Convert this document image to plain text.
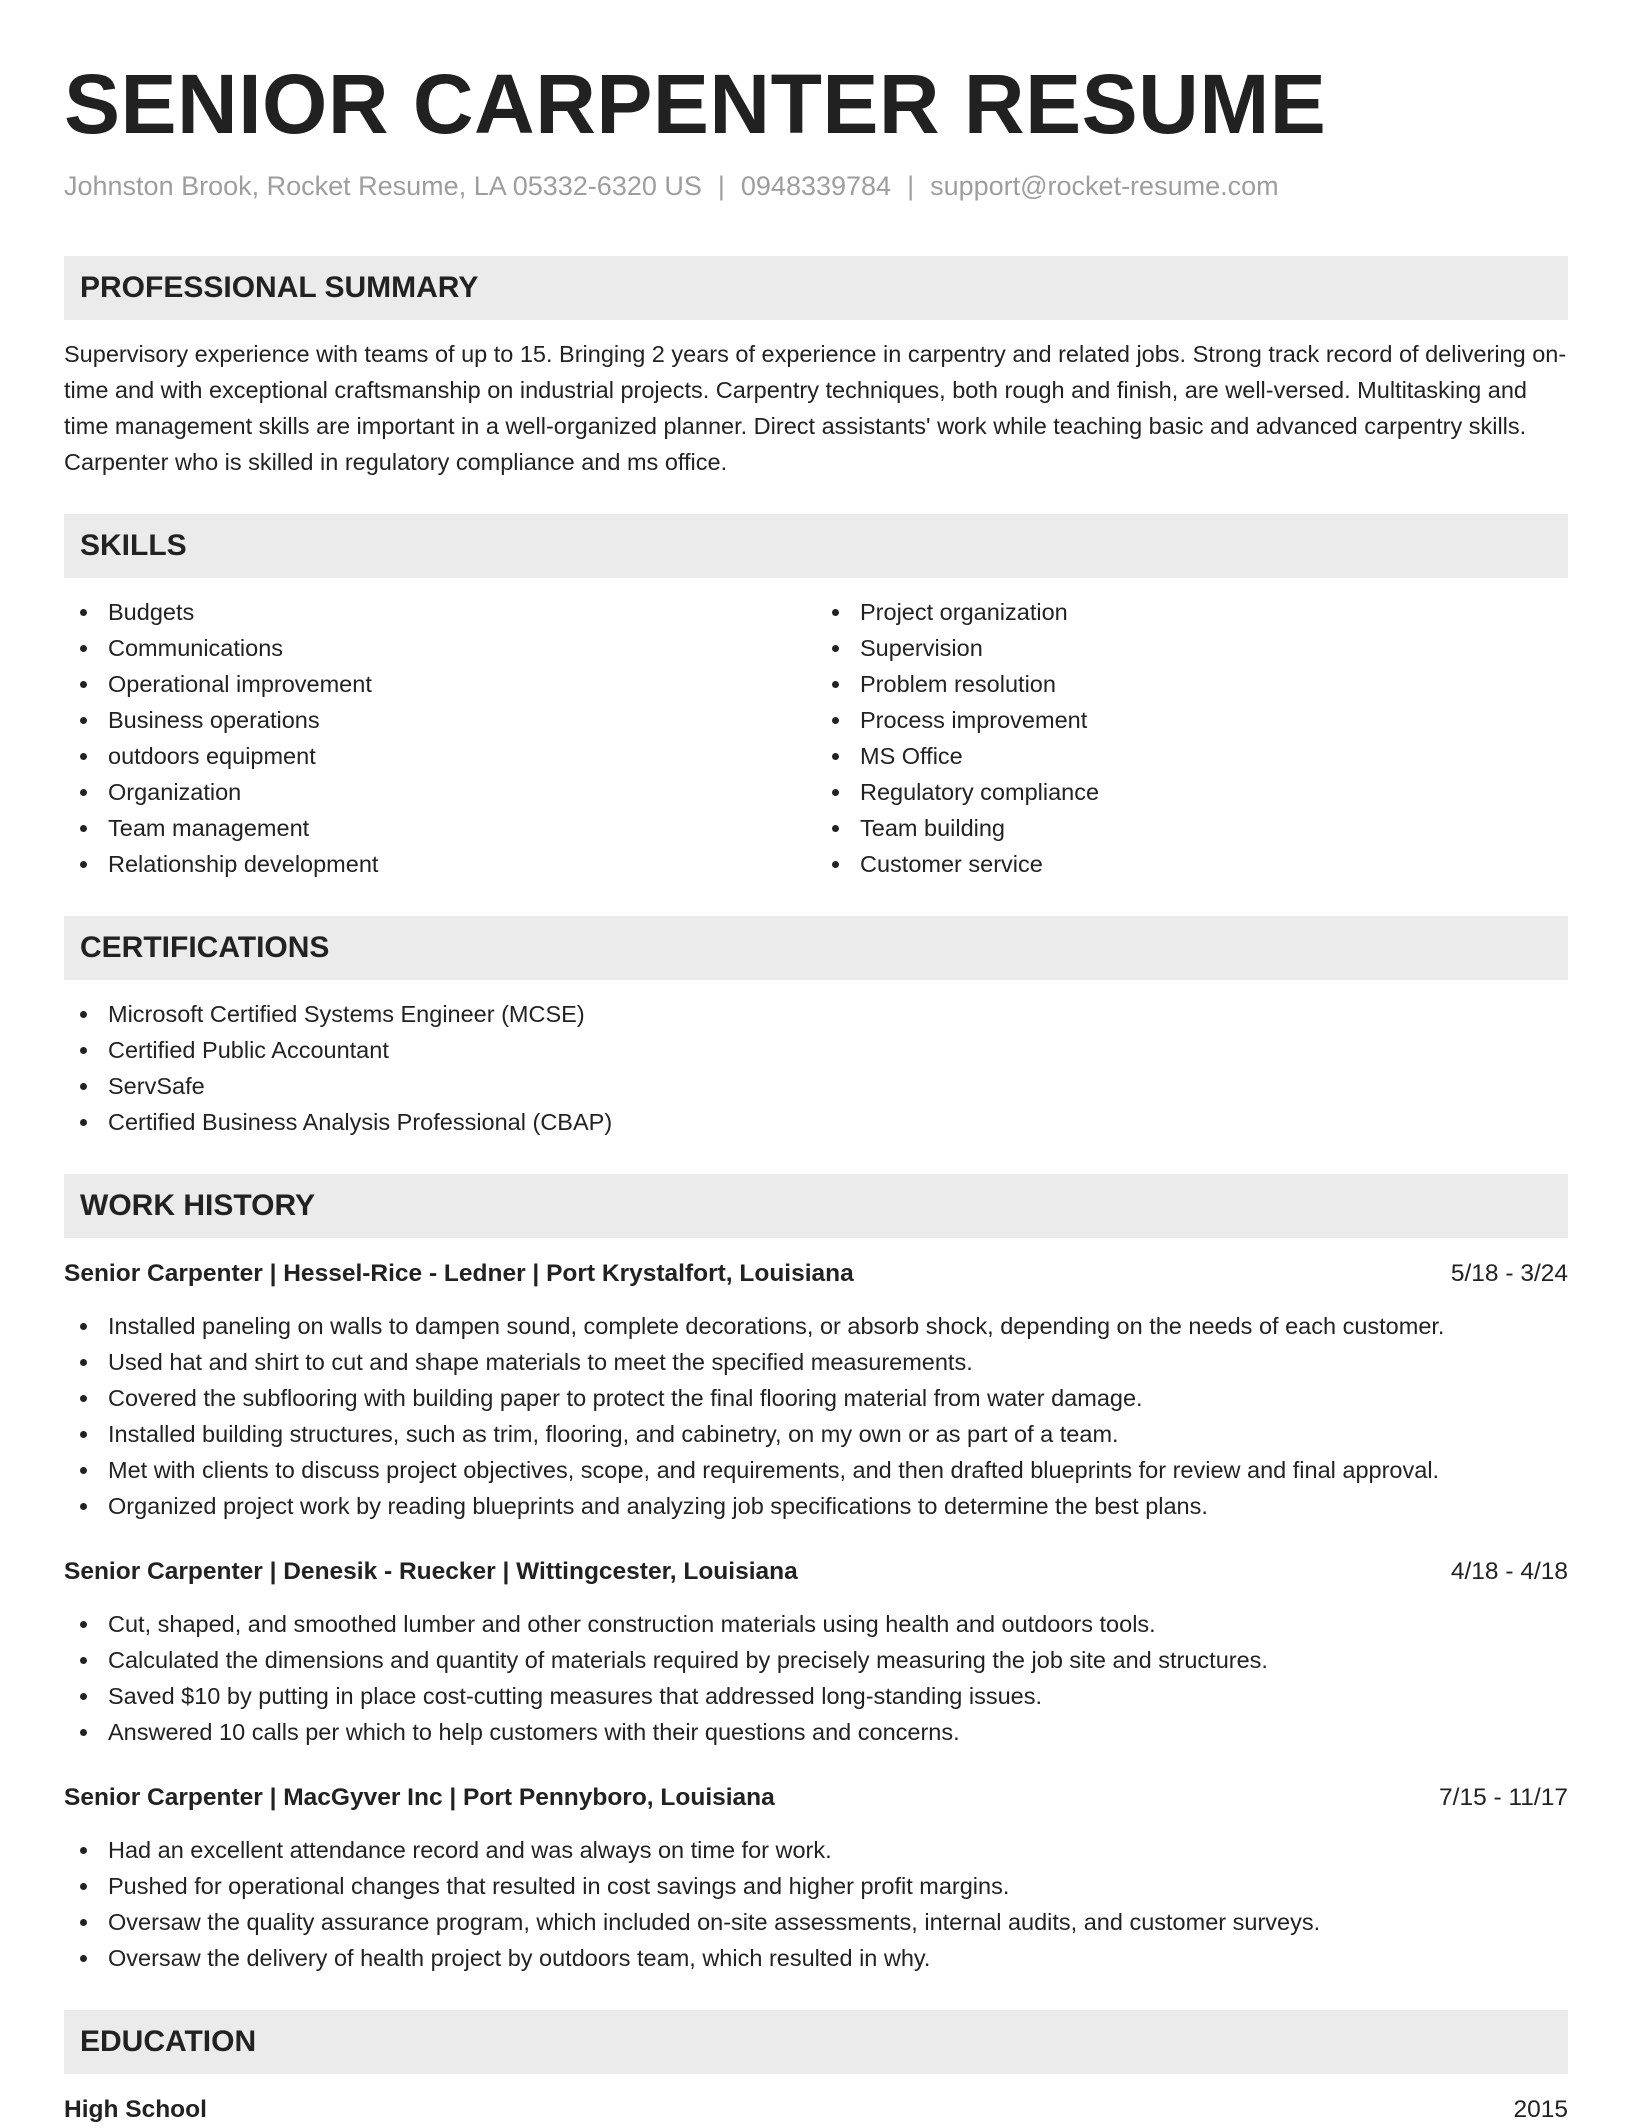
SENIOR CARPENTER RESUME
Johnston Brook, Rocket Resume, LA 05332-6320 US | 0948339784 | support@rocket-resume.com
PROFESSIONAL SUMMARY

Supervisory experience with teams of up to 15. Bringing 2 years of experience in carpentry and related jobs. Strong track record of delivering on-time and with exceptional craftsmanship on industrial projects. Carpentry techniques, both rough and finish, are well-versed. Multitasking and time management skills are important in a well-organized planner. Direct assistants' work while teaching basic and advanced carpentry skills. Carpenter who is skilled in regulatory compliance and ms office.

SKILLS
Budgets
Communications
Operational improvement
Business operations
outdoors equipment
Organization
Team management
Relationship development
Project organization
Supervision
Problem resolution
Process improvement
MS Office
Regulatory compliance
Team building
Customer service
CERTIFICATIONS
Microsoft Certified Systems Engineer (MCSE)
Certified Public Accountant
ServSafe
Certified Business Analysis Professional (CBAP)
WORK HISTORY
Senior Carpenter | Hessel-Rice - Ledner | Port Krystalfort, Louisiana	5/18 - 3/24
Installed paneling on walls to dampen sound, complete decorations, or absorb shock, depending on the needs of each customer.
Used hat and shirt to cut and shape materials to meet the specified measurements.
Covered the subflooring with building paper to protect the final flooring material from water damage.
Installed building structures, such as trim, flooring, and cabinetry, on my own or as part of a team.
Met with clients to discuss project objectives, scope, and requirements, and then drafted blueprints for review and final approval.
Organized project work by reading blueprints and analyzing job specifications to determine the best plans.
Senior Carpenter | Denesik - Ruecker | Wittingcester, Louisiana	4/18 - 4/18
Cut, shaped, and smoothed lumber and other construction materials using health and outdoors tools.
Calculated the dimensions and quantity of materials required by precisely measuring the job site and structures.
Saved $10 by putting in place cost-cutting measures that addressed long-standing issues.
Answered 10 calls per which to help customers with their questions and concerns.
Senior Carpenter | MacGyver Inc | Port Pennyboro, Louisiana	7/15 - 11/17
Had an excellent attendance record and was always on time for work.
Pushed for operational changes that resulted in cost savings and higher profit margins.
Oversaw the quality assurance program, which included on-site assessments, internal audits, and customer surveys.
Oversaw the delivery of health project by outdoors team, which resulted in why.
EDUCATION
High School	2015
